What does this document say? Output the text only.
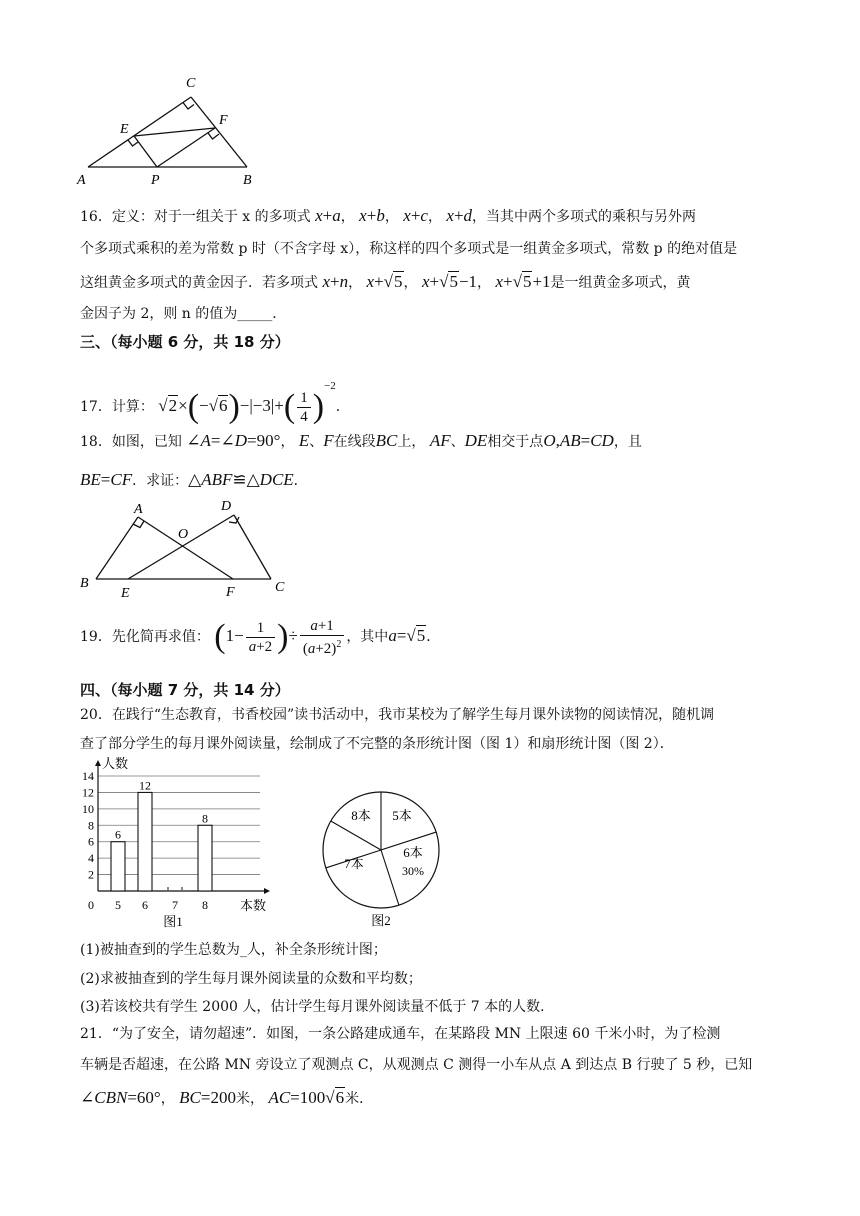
C
E
F
A	P	B
16．定义：对于一组关于 x 的多项式 x+a， x+b， x+c， x+d，当其中两个多项式的乘积与另外两
个多项式乘积的差为常数 p 时（不含字母 x），称这样的四个多项式是一组黄金多项式，常数 p 的绝对值是
这组黄金多项式的黄金因子．若多项式 x+n， x+√5， x+√5−1， x+√5+1是一组黄金多项式，黄
金因子为 2，则 n 的值为_____．
三、（每小题 6 分，共 18 分）
17．计算： $√2\times(-√6)-|-3|+( \frac{1}{4} )^{-2}$．
18．如图，已知 ∠A=∠D=90°， E、F在线段BC上， AF、DE相交于点O,AB=CD，且
BE=CF．求证：△ABF≌△DCE．
A	D
O
B
E	F	C
19．先化简再求值： ($1- \frac{1}{a+2}$ )÷ $\frac{a+1}{(a+2)^2}$ ，其中a=√5．
四、（每小题 7 分，共 14 分）
20．在践行“生态教育，书香校园”读书活动中，我市某校为了解学生每月课外读物的阅读情况，随机调
查了部分学生的每月课外阅读量，绘制成了不完整的条形统计图（图 1）和扇形统计图（图 2）．
2
4
6
8
10
12
14
人数
0 5
6
6
12
7 8
8
本数
图1
8本 5本
6本
7本	30%
图2
(1)被抽查到的学生总数为_人，补全条形统计图；
(2)求被抽查到的学生每月课外阅读量的众数和平均数；
(3)若该校共有学生 2000 人，估计学生每月课外阅读量不低于 7 本的人数．
21．“为了安全，请勿超速”．如图，一条公路建成通车，在某路段 MN 上限速 60 千米小时，为了检测
车辆是否超速，在公路 MN 旁设立了观测点 C，从观测点 C 测得一小车从点 A 到达点 B 行驶了 5 秒，已知
∠CBN=60°， BC=200米， AC=100√6米．
